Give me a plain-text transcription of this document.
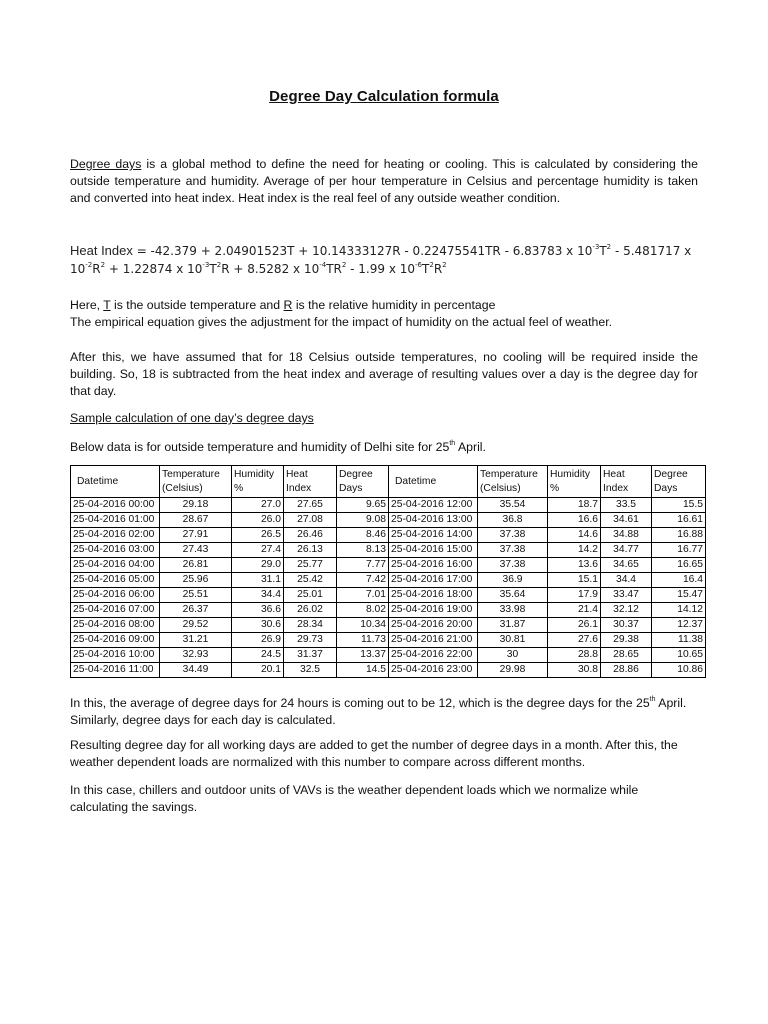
Degree Day Calculation formula
Degree days is a global method to define the need for heating or cooling. This is calculated by considering the outside temperature and humidity. Average of per hour temperature in Celsius and percentage humidity is taken and converted into heat index. Heat index is the real feel of any outside weather condition.
Heat Index = -42.379 + 2.04901523T + 10.14333127R - 0.22475541TR - 6.83783 x $10^{-3}T^2 - 5.481717$ x $10^{-2}R^2 + 1.22874$ x $10^{-3}T^2R + 8.5282$ x $10^{-4}TR^2 - 1.99$ x $10^{-6}T^2R^2$
Here, T is the outside temperature and R is the relative humidity in percentage
The empirical equation gives the adjustment for the impact of humidity on the actual feel of weather.
After this, we have assumed that for 18 Celsius outside temperatures, no cooling will be required inside the building. So, 18 is subtracted from the heat index and average of resulting values over a day is the degree day for that day.
Sample calculation of one day’s degree days
Below data is for outside temperature and humidity of Delhi site for 25th April.
Datetime	Temperature (Celsius)	Humidity %	Heat Index	Degree Days	Datetime	Temperature (Celsius)	Humidity %	Heat Index	Degree Days
25-04-2016 00:00	29.18	27.0	27.65	9.65	25-04-2016 12:00	35.54	18.7	33.5	15.5
25-04-2016 01:00	28.67	26.0	27.08	9.08	25-04-2016 13:00	36.8	16.6	34.61	16.61
25-04-2016 02:00	27.91	26.5	26.46	8.46	25-04-2016 14:00	37.38	14.6	34.88	16.88
25-04-2016 03:00	27.43	27.4	26.13	8.13	25-04-2016 15:00	37.38	14.2	34.77	16.77
25-04-2016 04:00	26.81	29.0	25.77	7.77	25-04-2016 16:00	37.38	13.6	34.65	16.65
25-04-2016 05:00	25.96	31.1	25.42	7.42	25-04-2016 17:00	36.9	15.1	34.4	16.4
25-04-2016 06:00	25.51	34.4	25.01	7.01	25-04-2016 18:00	35.64	17.9	33.47	15.47
25-04-2016 07:00	26.37	36.6	26.02	8.02	25-04-2016 19:00	33.98	21.4	32.12	14.12
25-04-2016 08:00	29.52	30.6	28.34	10.34	25-04-2016 20:00	31.87	26.1	30.37	12.37
25-04-2016 09:00	31.21	26.9	29.73	11.73	25-04-2016 21:00	30.81	27.6	29.38	11.38
25-04-2016 10:00	32.93	24.5	31.37	13.37	25-04-2016 22:00	30	28.8	28.65	10.65
25-04-2016 11:00	34.49	20.1	32.5	14.5	25-04-2016 23:00	29.98	30.8	28.86	10.86
In this, the average of degree days for 24 hours is coming out to be 12, which is the degree days for the 25th April. Similarly, degree days for each day is calculated.
Resulting degree day for all working days are added to get the number of degree days in a month. After this, the weather dependent loads are normalized with this number to compare across different months.
In this case, chillers and outdoor units of VAVs is the weather dependent loads which we normalize while calculating the savings.
